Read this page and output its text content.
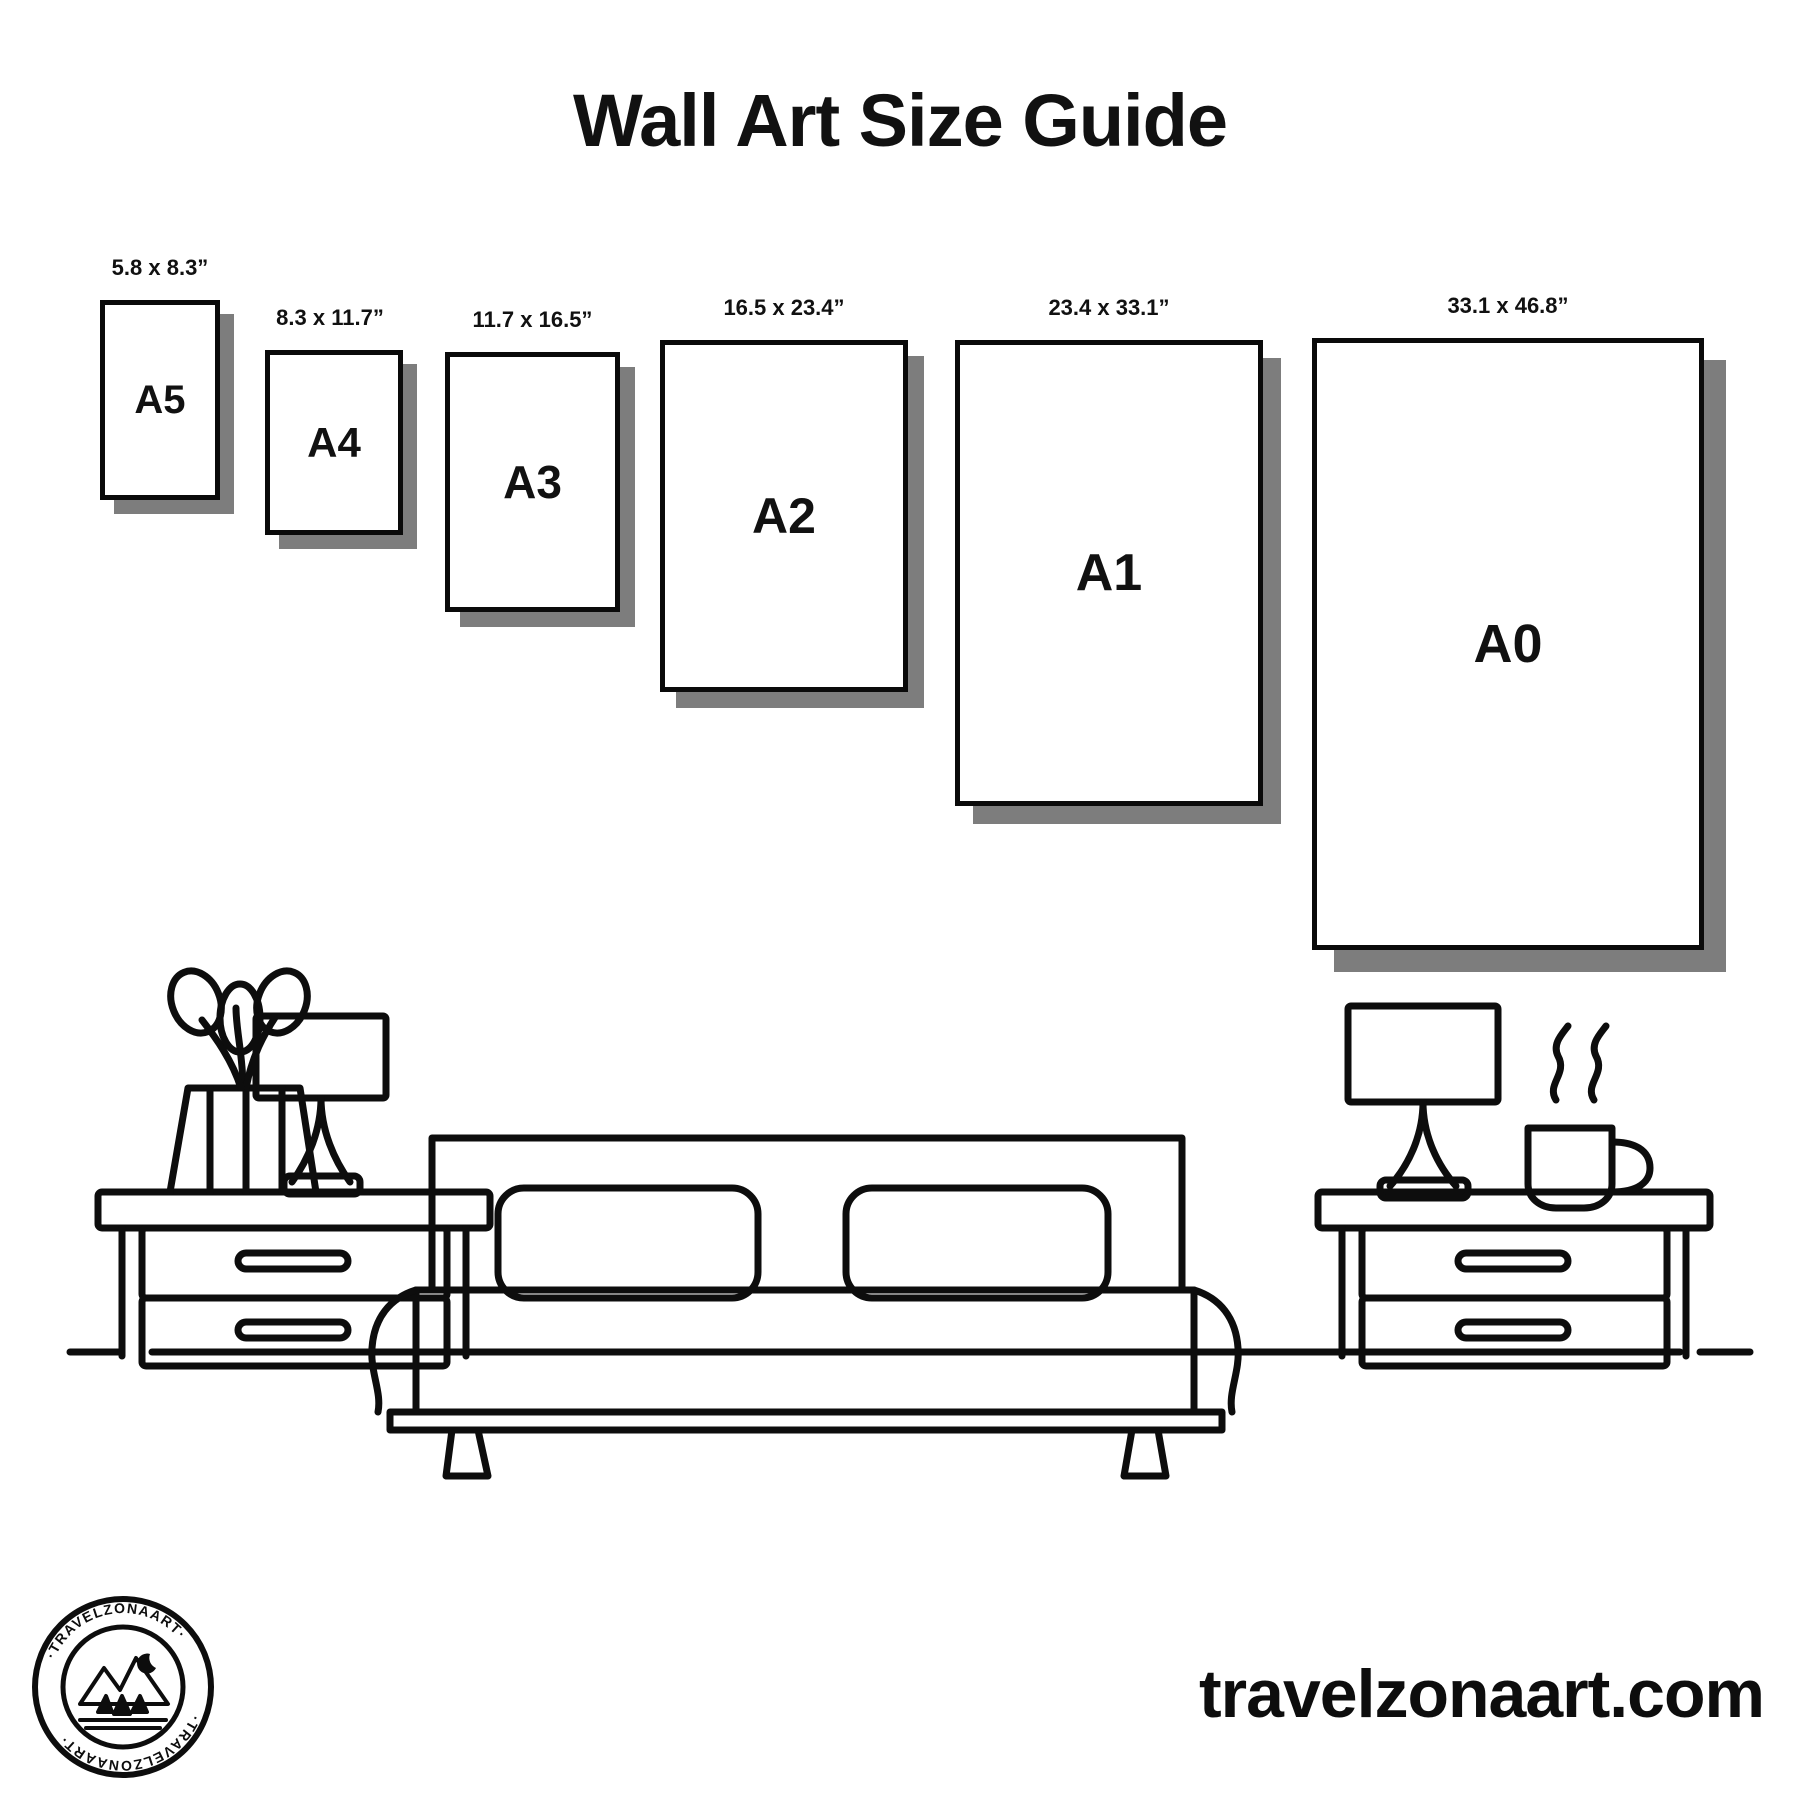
Wall Art Size Guide
5.8 x 8.3”
A5
8.3 x 11.7”
A4
11.7 x 16.5”
A3
16.5 x 23.4”
A2
23.4 x 33.1”
A1
33.1 x 46.8”
A0
·TRAVELZONAART·
·TRAVELZONAART·
travelzonaart.com
